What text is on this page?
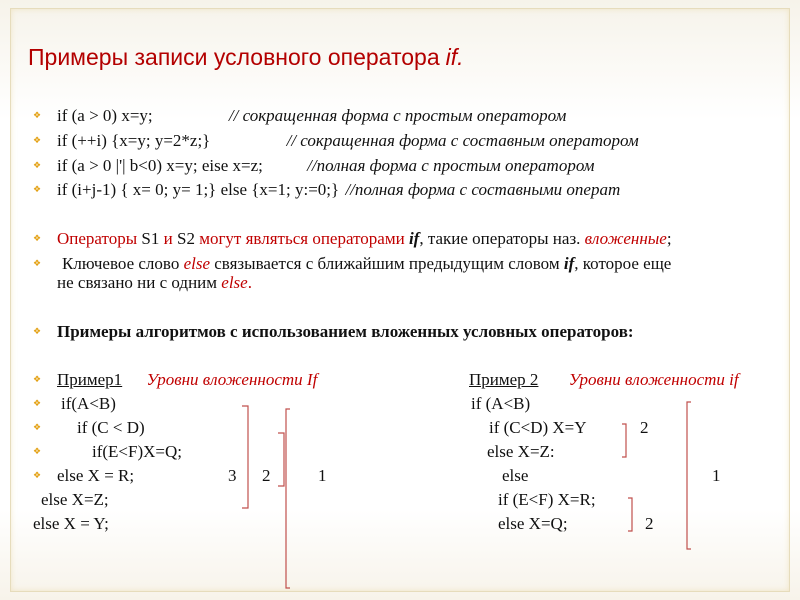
Примеры записи условного оператора if.
❖ if (a > 0) x=y;	// сокращенная форма с простым оператором
❖ if (++i) {x=y; y=2*z;}	// сокращенная форма с составным оператором
❖ if (a > 0 |'| b<0) x=y; eise x=z;	//полная форма с простым оператором
❖ if (i+j-1) { x= 0; y= 1;} else {x=1; y:=0;} //полная форма с составными операт
❖ Операторы S1 и S2 могут являться операторами if, такие операторы наз. вложенные;
❖ Ключевое слово else связывается с ближайшим предыдущим словом if, которое еще
не связано ни с одним else.
❖ Примеры алгоритмов с использованием вложенных условных операторов:
❖ Пример1 Уровни вложенности If
❖ if(A<B)
❖ if (C < D)
❖	if(E<F)X=Q;
❖ else X = R;
else X=Z;
else X = Y;
3 2	1
Пример 2 Уровни вложенности if
if (A<B)
if (C<D) X=Y
else X=Z:
else
if (E<F) X=R;
else X=Q;
2
1
2
